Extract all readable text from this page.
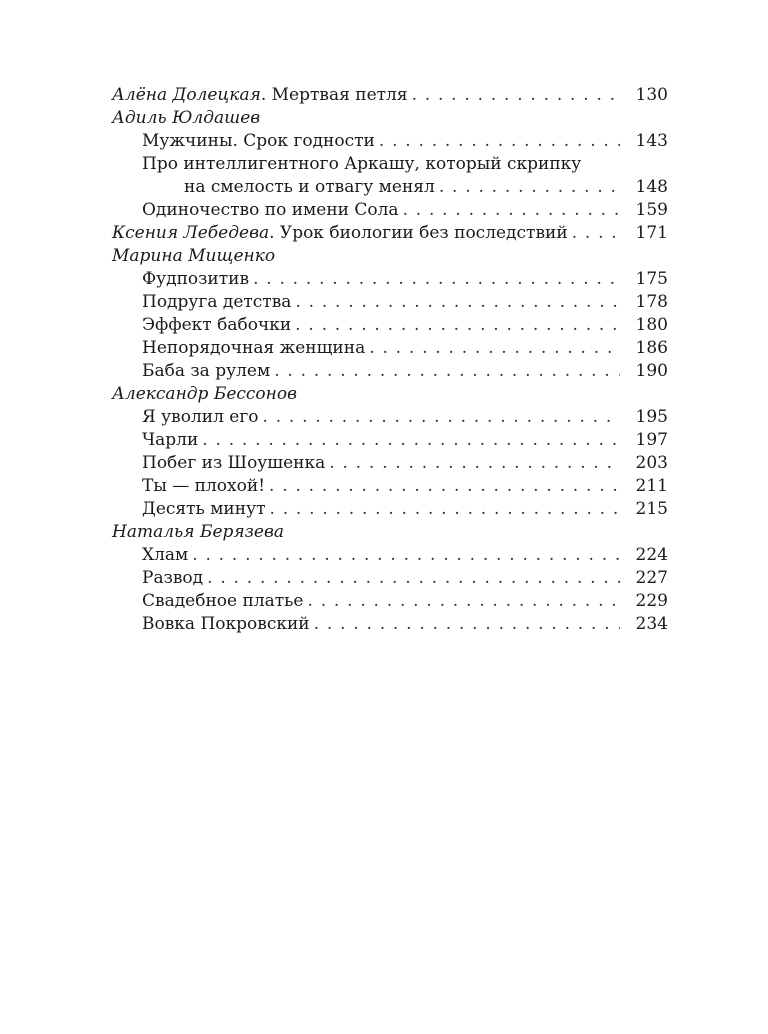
Алёна Долецкая. Мертвая петля . . .	130
Адиль Юлдашев
Мужчины. Срок годности . . .	143
Про интеллигентного Аркашу, который скрипку
на смелость и отвагу менял . . .	148
Одиночество по имени Сола . . .	159
Ксения Лебедева. Урок биологии без последствий . . .	171
Марина Мищенко
Фудпозитив . . .	175
Подруга детства . . .	178
Эффект бабочки . . .	180
Непорядочная женщина . . .	186
Баба за рулем . . .	190
Александр Бессонов
Я уволил его . . .	195
Чарли . . .	197
Побег из Шоушенка . . .	203
Ты — плохой! . . .	211
Десять минут . . .	215
Наталья Берязева
Хлам . . .	224
Развод . . .	227
Свадебное платье . . .	229
Вовка Покровский . . .	234
